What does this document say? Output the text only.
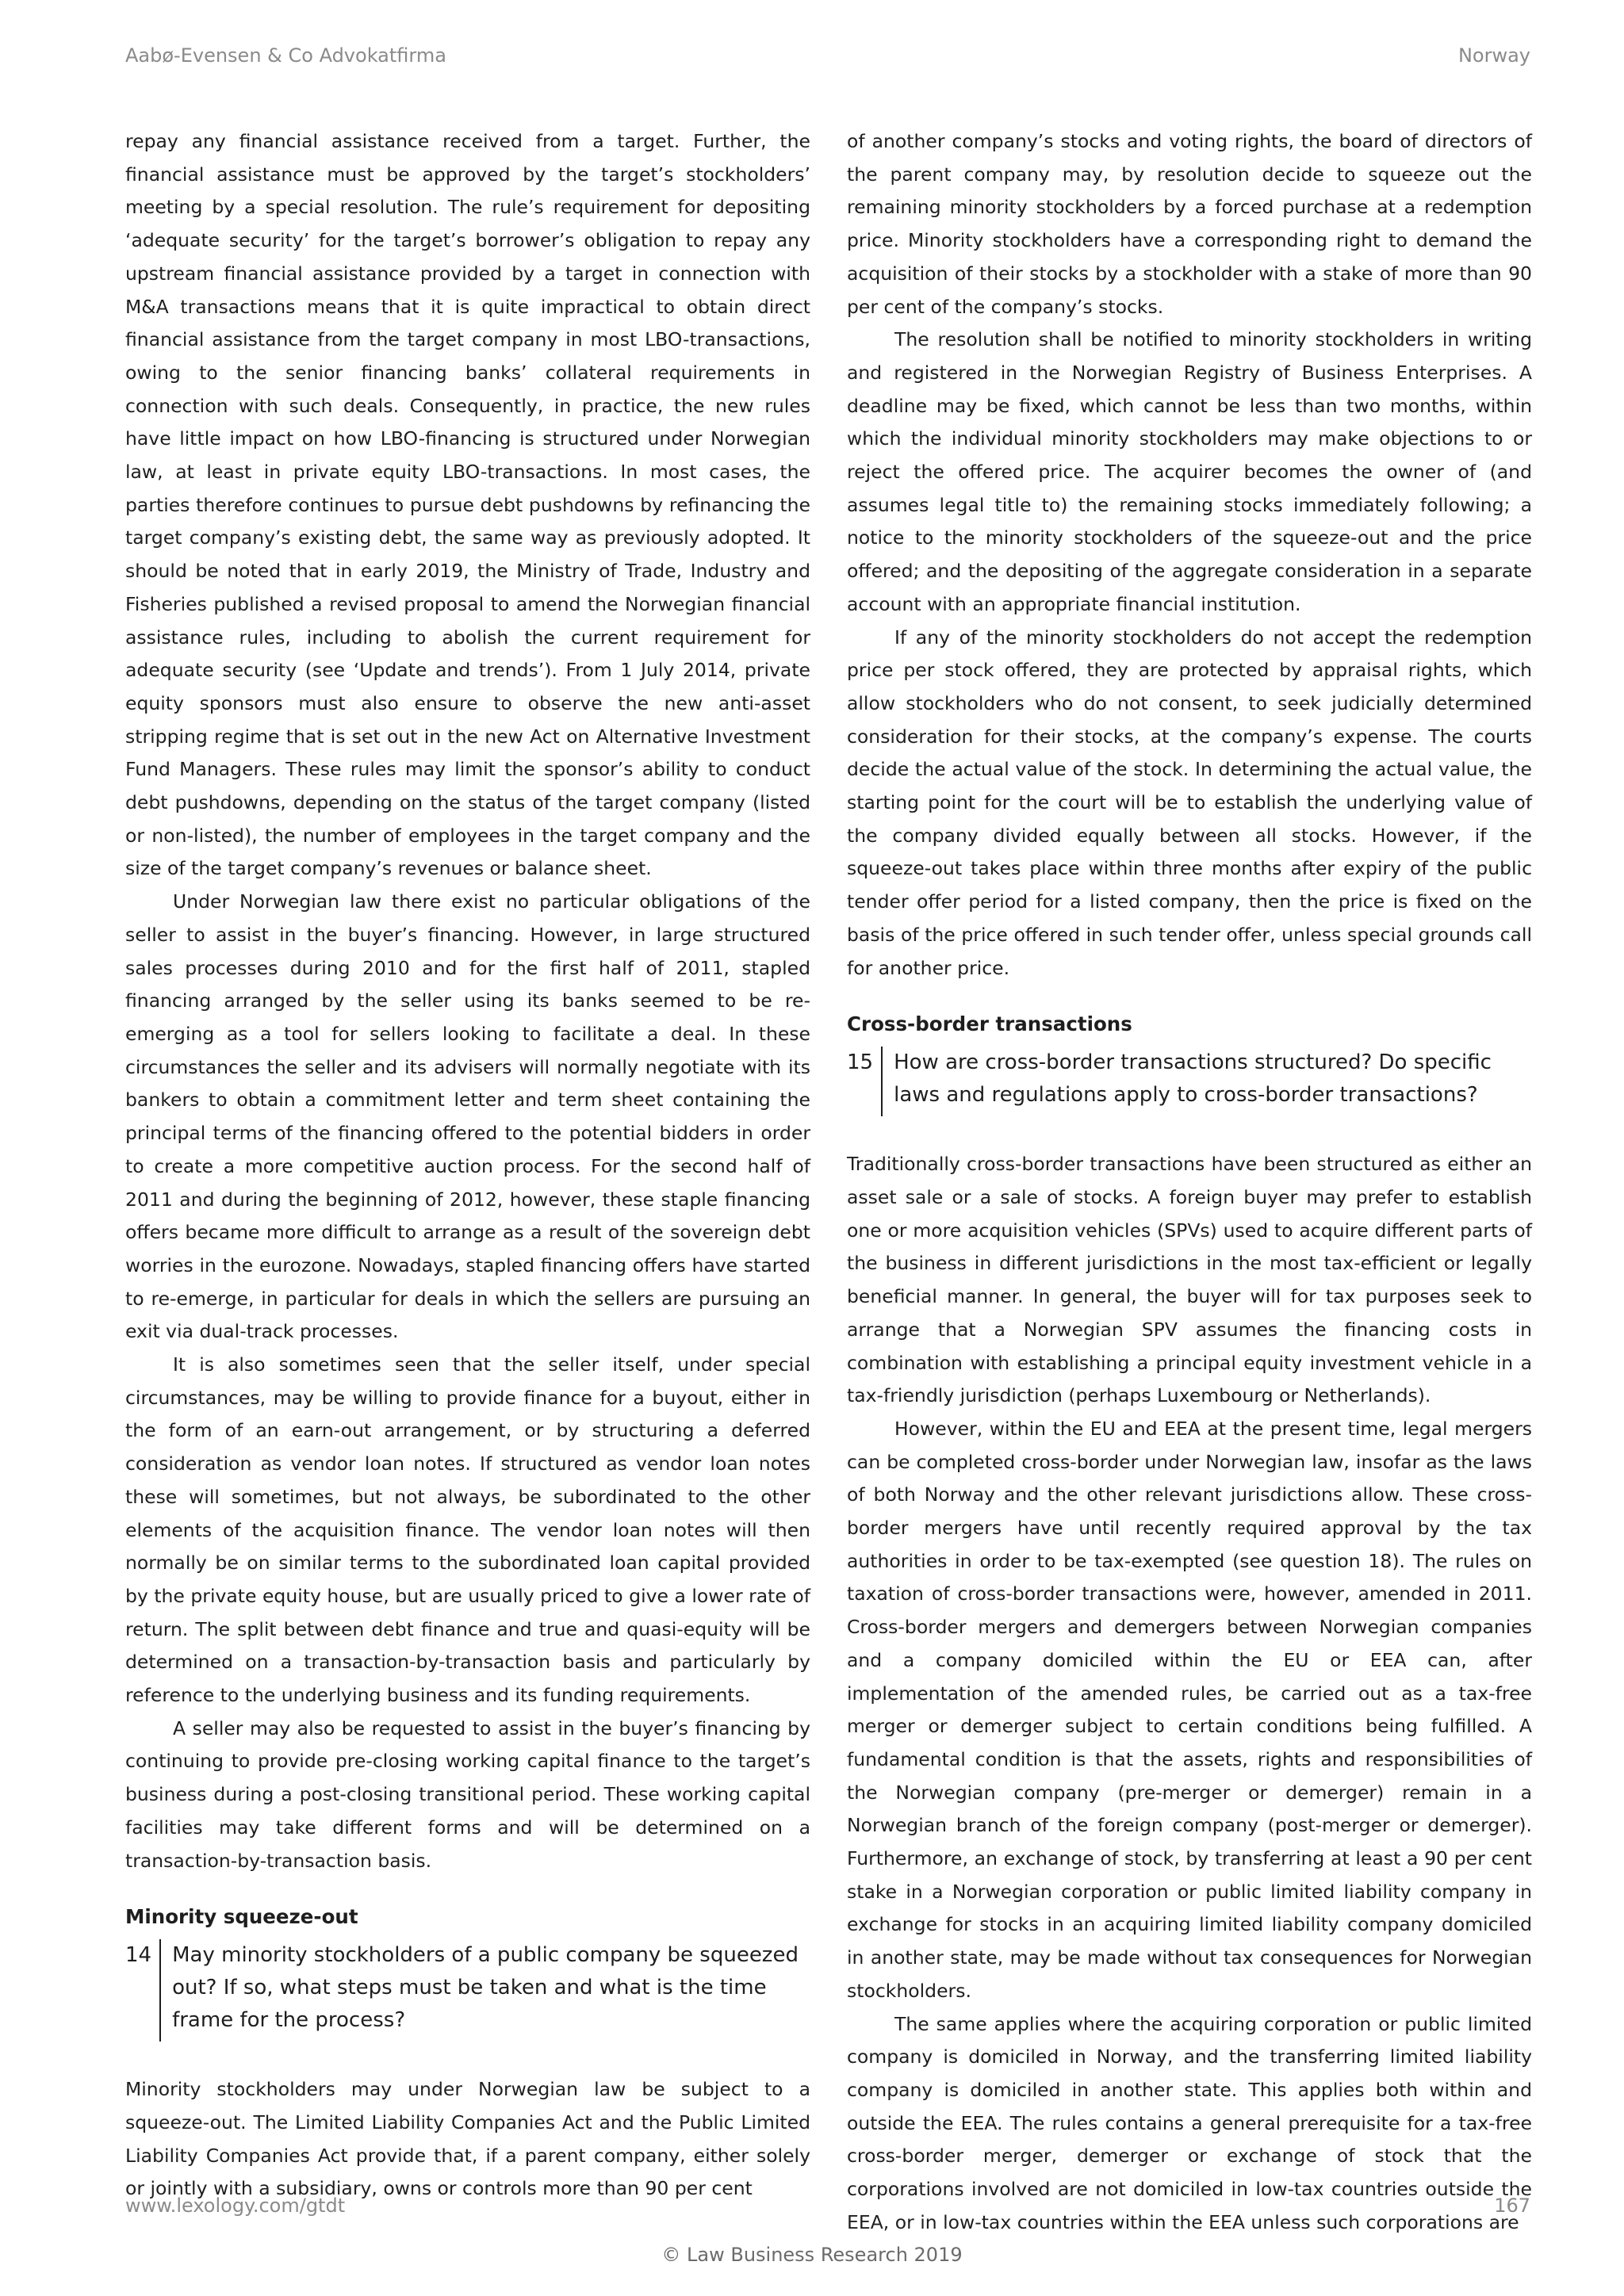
Aabø-Evensen & Co Advokatfirma	Norway

repay any financial assistance received from a target. Further, the financial assistance must be approved by the target’s stockholders’ meeting by a special resolution. The rule’s requirement for depositing ‘adequate security’ for the target’s borrower’s obligation to repay any upstream financial assistance provided by a target in connection with M&A transactions means that it is quite impractical to obtain direct financial assistance from the target company in most LBO-transactions, owing to the senior financing banks’ collateral requirements in connection with such deals. Consequently, in practice, the new rules have little impact on how LBO-financing is structured under Norwegian law, at least in private equity LBO-transactions. In most cases, the parties therefore continues to pursue debt pushdowns by refinancing the target company’s existing debt, the same way as previously adopted. It should be noted that in early 2019, the Ministry of Trade, Industry and Fisheries published a revised proposal to amend the Norwegian financial assistance rules, including to abolish the current requirement for adequate security (see ‘Update and trends’). From 1 July 2014, private equity sponsors must also ensure to observe the new anti-asset stripping regime that is set out in the new Act on Alternative Investment Fund Managers. These rules may limit the sponsor’s ability to conduct debt pushdowns, depending on the status of the target company (listed or non-listed), the number of employees in the target company and the size of the target company’s revenues or balance sheet.

Under Norwegian law there exist no particular obligations of the seller to assist in the buyer’s financing. However, in large structured sales processes during 2010 and for the first half of 2011, stapled financing arranged by the seller using its banks seemed to be re-emerging as a tool for sellers looking to facilitate a deal. In these circumstances the seller and its advisers will normally negotiate with its bankers to obtain a commitment letter and term sheet containing the principal terms of the financing offered to the potential bidders in order to create a more competitive auction process. For the second half of 2011 and during the beginning of 2012, however, these staple financing offers became more difficult to arrange as a result of the sovereign debt worries in the eurozone. Nowadays, stapled financing offers have started to re-emerge, in particular for deals in which the sellers are pursuing an exit via dual-track processes.

It is also sometimes seen that the seller itself, under special circumstances, may be willing to provide finance for a buyout, either in the form of an earn-out arrangement, or by structuring a deferred consideration as vendor loan notes. If structured as vendor loan notes these will sometimes, but not always, be subordinated to the other elements of the acquisition finance. The vendor loan notes will then normally be on similar terms to the subordinated loan capital provided by the private equity house, but are usually priced to give a lower rate of return. The split between debt finance and true and quasi-equity will be determined on a transaction-by-transaction basis and particularly by reference to the underlying business and its funding requirements.

A seller may also be requested to assist in the buyer’s financing by continuing to provide pre-closing working capital finance to the target’s business during a post-closing transitional period. These working capital facilities may take different forms and will be determined on a transaction-by-transaction basis.

Minority squeeze-out
14	May minority stockholders of a public company be squeezed out? If so, what steps must be taken and what is the time frame for the process?

Minority stockholders may under Norwegian law be subject to a squeeze-out. The Limited Liability Companies Act and the Public Limited Liability Companies Act provide that, if a parent company, either solely or jointly with a subsidiary, owns or controls more than 90 per cent

of another company’s stocks and voting rights, the board of directors of the parent company may, by resolution decide to squeeze out the remaining minority stockholders by a forced purchase at a redemption price. Minority stockholders have a corresponding right to demand the acquisition of their stocks by a stockholder with a stake of more than 90 per cent of the company’s stocks.

The resolution shall be notified to minority stockholders in writing and registered in the Norwegian Registry of Business Enterprises. A deadline may be fixed, which cannot be less than two months, within which the individual minority stockholders may make objections to or reject the offered price. The acquirer becomes the owner of (and assumes legal title to) the remaining stocks immediately following; a notice to the minority stockholders of the squeeze-out and the price offered; and the depositing of the aggregate consideration in a separate account with an appropriate financial institution.

If any of the minority stockholders do not accept the redemption price per stock offered, they are protected by appraisal rights, which allow stockholders who do not consent, to seek judicially determined consideration for their stocks, at the company’s expense. The courts decide the actual value of the stock. In determining the actual value, the starting point for the court will be to establish the underlying value of the company divided equally between all stocks. However, if the squeeze-out takes place within three months after expiry of the public tender offer period for a listed company, then the price is fixed on the basis of the price offered in such tender offer, unless special grounds call for another price.

Cross-border transactions
15	How are cross-border transactions structured? Do specific laws and regulations apply to cross-border transactions?

Traditionally cross-border transactions have been structured as either an asset sale or a sale of stocks. A foreign buyer may prefer to establish one or more acquisition vehicles (SPVs) used to acquire different parts of the business in different jurisdictions in the most tax-efficient or legally beneficial manner. In general, the buyer will for tax purposes seek to arrange that a Norwegian SPV assumes the financing costs in combination with establishing a principal equity investment vehicle in a tax-friendly jurisdiction (perhaps Luxembourg or Netherlands).

However, within the EU and EEA at the present time, legal mergers can be completed cross-border under Norwegian law, insofar as the laws of both Norway and the other relevant jurisdictions allow. These cross-border mergers have until recently required approval by the tax authorities in order to be tax-exempted (see question 18). The rules on taxation of cross-border transactions were, however, amended in 2011. Cross-border mergers and demergers between Norwegian companies and a company domiciled within the EU or EEA can, after implementation of the amended rules, be carried out as a tax-free merger or demerger subject to certain conditions being fulfilled. A fundamental condition is that the assets, rights and responsibilities of the Norwegian company (pre-merger or demerger) remain in a Norwegian branch of the foreign company (post-merger or demerger). Furthermore, an exchange of stock, by transferring at least a 90 per cent stake in a Norwegian corporation or public limited liability company in exchange for stocks in an acquiring limited liability company domiciled in another state, may be made without tax consequences for Norwegian stockholders.

The same applies where the acquiring corporation or public limited company is domiciled in Norway, and the transferring limited liability company is domiciled in another state. This applies both within and outside the EEA. The rules contains a general prerequisite for a tax-free cross-border merger, demerger or exchange of stock that the corporations involved are not domiciled in low-tax countries outside the EEA, or in low-tax countries within the EEA unless such corporations are

www.lexology.com/gtdt	167
© Law Business Research 2019
